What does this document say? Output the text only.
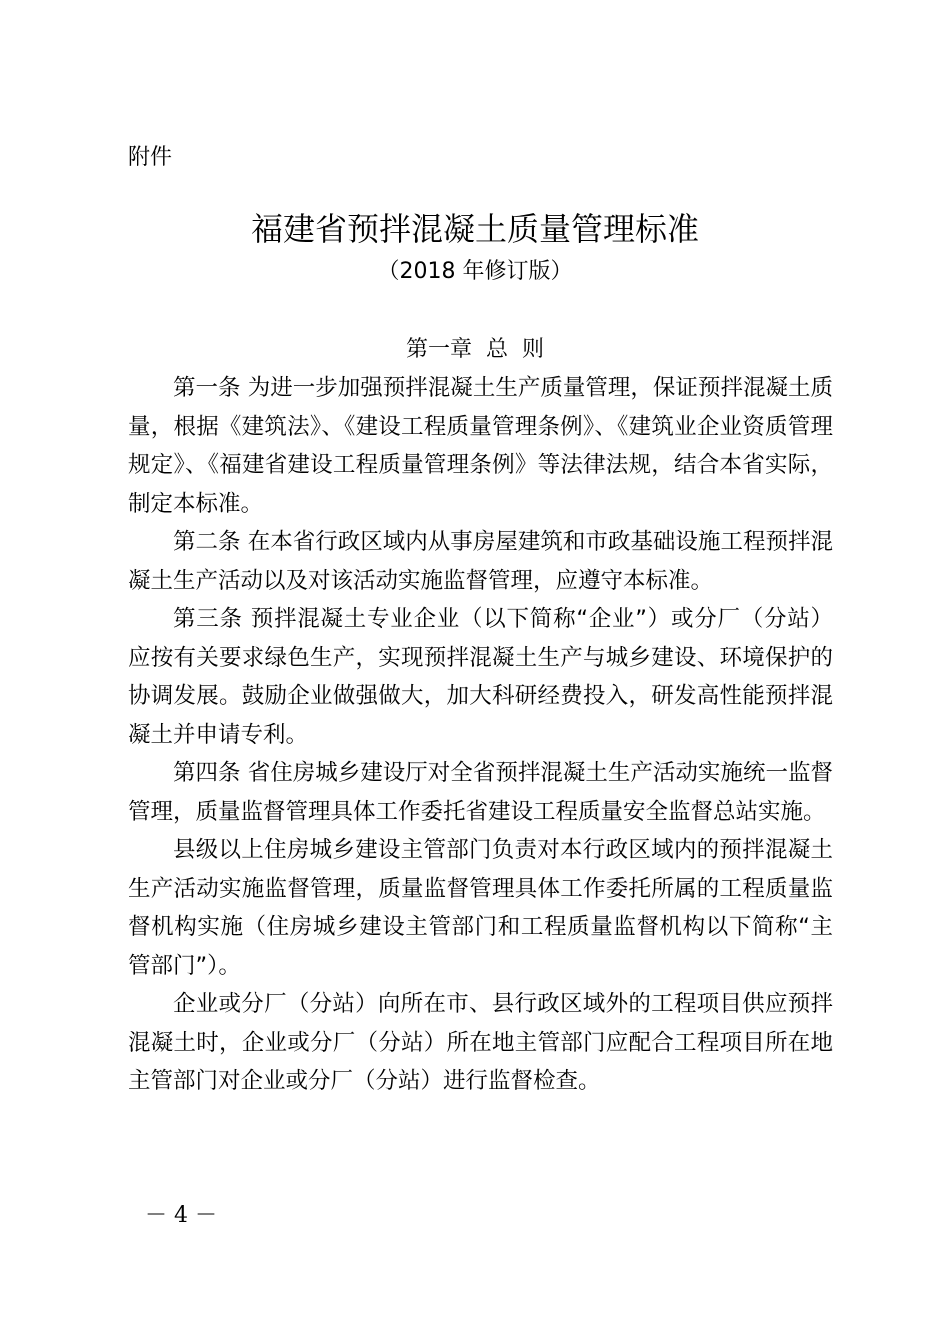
附件
福建省预拌混凝土质量管理标准
（2018 年修订版）
第一章  总  则

第一条 为进一步加强预拌混凝土生产质量管理，保证预拌混凝土质量，根据《建筑法》、《建设工程质量管理条例》、《建筑业企业资质管理规定》、《福建省建设工程质量管理条例》等法律法规，结合本省实际，制定本标准。

第二条 在本省行政区域内从事房屋建筑和市政基础设施工程预拌混凝土生产活动以及对该活动实施监督管理，应遵守本标准。

第三条 预拌混凝土专业企业（以下简称“企业”）或分厂（分站）应按有关要求绿色生产，实现预拌混凝土生产与城乡建设、环境保护的协调发展。鼓励企业做强做大，加大科研经费投入，研发高性能预拌混凝土并申请专利。

第四条 省住房城乡建设厅对全省预拌混凝土生产活动实施统一监督管理，质量监督管理具体工作委托省建设工程质量安全监督总站实施。

县级以上住房城乡建设主管部门负责对本行政区域内的预拌混凝土生产活动实施监督管理，质量监督管理具体工作委托所属的工程质量监督机构实施（住房城乡建设主管部门和工程质量监督机构以下简称“主管部门”）。

企业或分厂（分站）向所在市、县行政区域外的工程项目供应预拌混凝土时，企业或分厂（分站）所在地主管部门应配合工程项目所在地主管部门对企业或分厂（分站）进行监督检查。

－ 4 －
